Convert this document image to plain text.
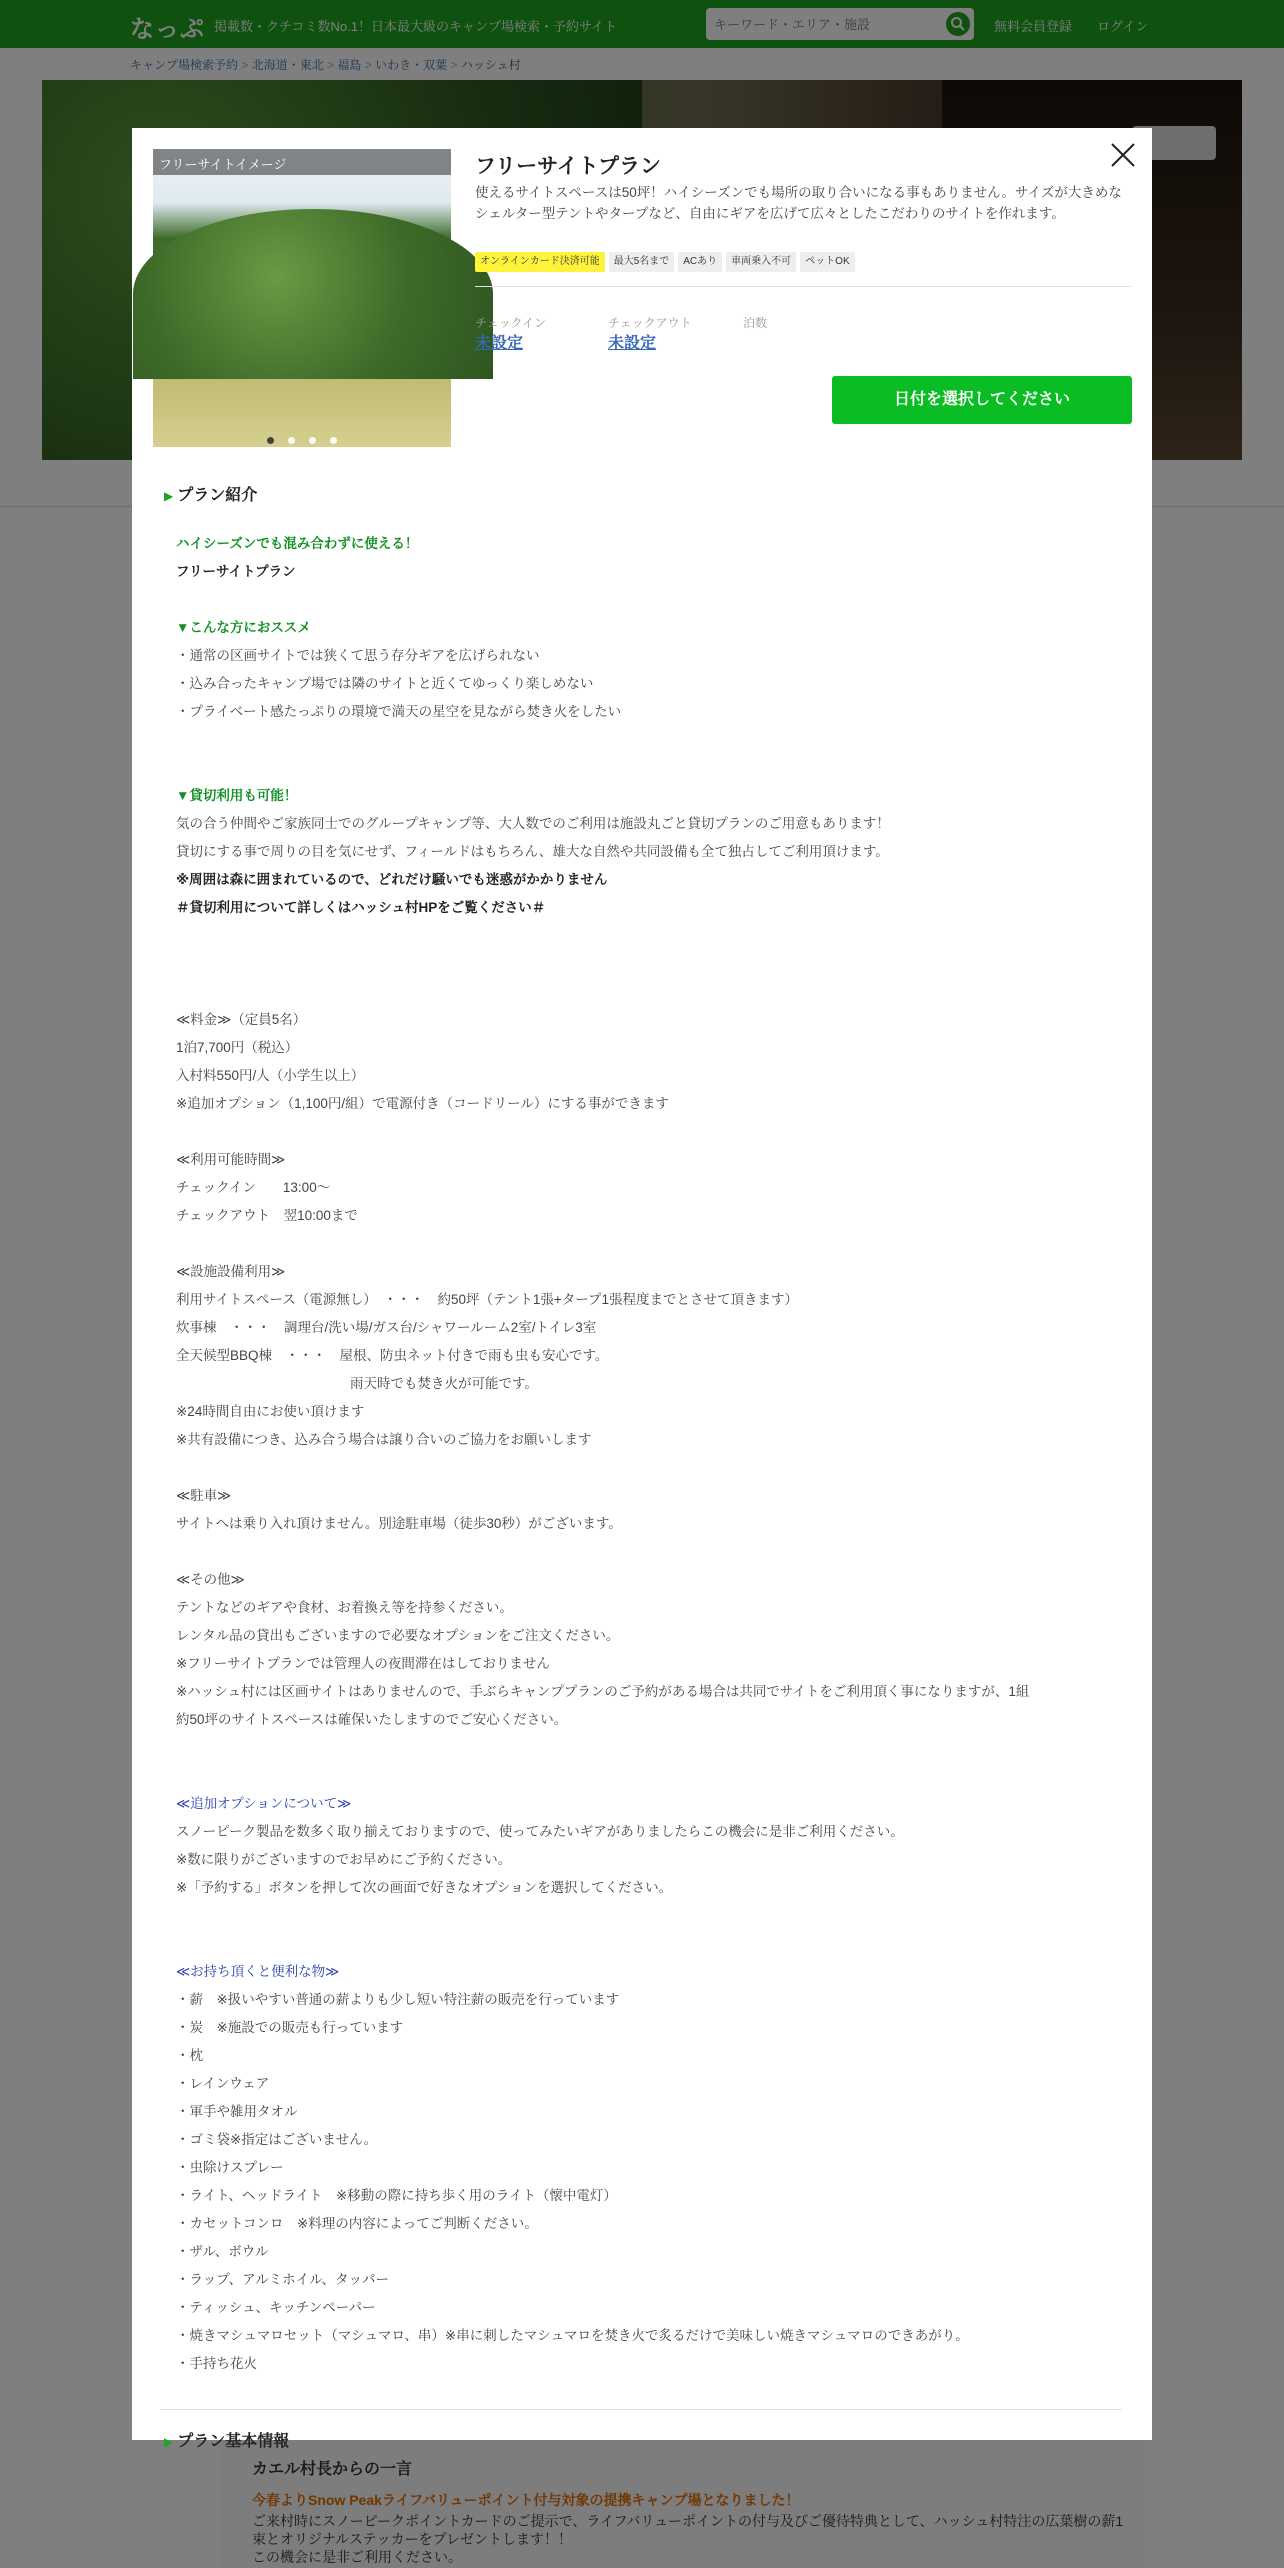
キーワード・エリア・施設
フリーサイトイメージ	フリーサイトプラン
使えるサイトスペースは50坪！ハイシーズンでも場所の取り合いになる事もありません。サイズが大きめなシェルター型テントやタープなど、自由にギアを広げて広々としたこだわりのサイトを作れます。
オンラインカード決済可能 最大5名まで ACあり 車両乗入不可 ペットOK
チェックイン
未設定
チェックアウト
未設定
泊数
日付を選択してください
▶ プラン紹介
ハイシーズンでも混み合わずに使える！
フリーサイトプラン
▼こんな方におススメ
・通常の区画サイトでは狭くて思う存分ギアを広げられない
・込み合ったキャンプ場では隣のサイトと近くてゆっくり楽しめない
・プライベート感たっぷりの環境で満天の星空を見ながら焚き火をしたい
▼貸切利用も可能！
気の合う仲間やご家族同士でのグループキャンプ等、大人数でのご利用は施設丸ごと貸切プランのご用意もあります！
貸切にする事で周りの目を気にせず、フィールドはもちろん、雄大な自然や共同設備も全て独占してご利用頂けます。
※周囲は森に囲まれているので、どれだけ騒いでも迷惑がかかりません
＃貸切利用について詳しくはハッシュ村HPをご覧ください＃
≪料金≫（定員5名）
1泊7,700円（税込）
入村料550円/人（小学生以上）
※追加オプション（1,100円/組）で電源付き（コードリール）にする事ができます
≪利用可能時間≫
チェックイン　　13:00～
チェックアウト　翌10:00まで
≪設施設備利用≫
利用サイトスペース（電源無し）　・・・　約50坪（テント1張+タープ1張程度までとさせて頂きます）
炊事棟　・・・　調理台/洗い場/ガス台/シャワールーム2室/トイレ3室
全天候型BBQ棟　・・・　屋根、防虫ネット付きで雨も虫も安心です。
雨天時でも焚き火が可能です。
※24時間自由にお使い頂けます
※共有設備につき、込み合う場合は譲り合いのご協力をお願いします
≪駐車≫
サイトへは乗り入れ頂けません。別途駐車場（徒歩30秒）がございます。
≪その他≫
テントなどのギアや食材、お着換え等を持参ください。
レンタル品の貸出もございますので必要なオプションをご注文ください。
※フリーサイトプランでは管理人の夜間滞在はしておりません
※ハッシュ村には区画サイトはありませんので、手ぶらキャンププランのご予約がある場合は共同でサイトをご利用頂く事になりますが、1組
約50坪のサイトスペースは確保いたしますのでご安心ください。
≪追加オプションについて≫
スノーピーク製品を数多く取り揃えておりますので、使ってみたいギアがありましたらこの機会に是非ご利用ください。
※数に限りがございますのでお早めにご予約ください。
※「予約する」ボタンを押して次の画面で好きなオプションを選択してください。
≪お持ち頂くと便利な物≫
・薪　※扱いやすい普通の薪よりも少し短い特注薪の販売を行っています
・炭　※施設での販売も行っています
・枕
・レインウェア
・軍手や雑用タオル
・ゴミ袋※指定はございません。
・虫除けスプレー
・ライト、ヘッドライト　※移動の際に持ち歩く用のライト（懐中電灯）
・カセットコンロ　※料理の内容によってご判断ください。
・ザル、ボウル
・ラップ、アルミホイル、タッパー
・ティッシュ、キッチンペーパー
・焼きマシュマロセット（マシュマロ、串）※串に刺したマシュマロを焚き火で炙るだけで美味しい焼きマシュマロのできあがり。
・手持ち花火
▶ プラン基本情報
